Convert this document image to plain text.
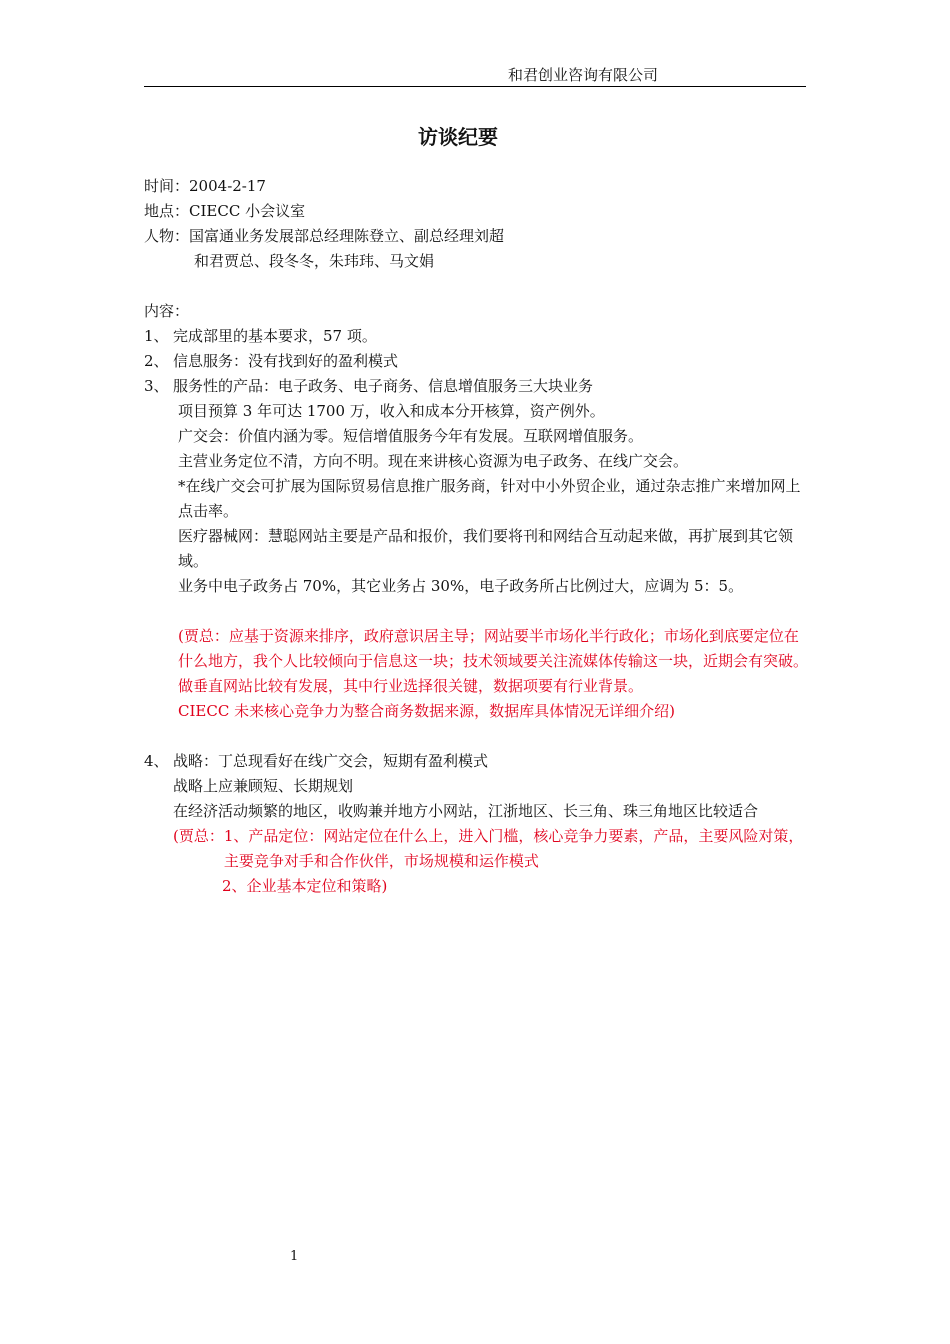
和君创业咨询有限公司
访谈纪要
时间：2004-2-17
地点：CIECC 小会议室
人物：国富通业务发展部总经理陈登立、副总经理刘超
和君贾总、段冬冬，朱玮玮、马文娟
内容：
1、 完成部里的基本要求，57 项。
2、 信息服务：没有找到好的盈利模式
3、 服务性的产品：电子政务、电子商务、信息增值服务三大块业务
项目预算 3 年可达 1700 万，收入和成本分开核算，资产例外。
广交会：价值内涵为零。短信增值服务今年有发展。互联网增值服务。
主营业务定位不清，方向不明。现在来讲核心资源为电子政务、在线广交会。
*在线广交会可扩展为国际贸易信息推广服务商，针对中小外贸企业，通过杂志推广来增加网上点击率。
医疗器械网：慧聪网站主要是产品和报价，我们要将刊和网结合互动起来做，再扩展到其它领域。
业务中电子政务占 70%，其它业务占 30%，电子政务所占比例过大，应调为 5：5。
(贾总：应基于资源来排序，政府意识居主导；网站要半市场化半行政化；市场化到底要定位在什么地方，我个人比较倾向于信息这一块；技术领域要关注流媒体传输这一块，近期会有突破。做垂直网站比较有发展，其中行业选择很关键，数据项要有行业背景。
CIECC 未来核心竞争力为整合商务数据来源，数据库具体情况无详细介绍)
4、 战略：丁总现看好在线广交会，短期有盈利模式
战略上应兼顾短、长期规划
在经济活动频繁的地区，收购兼并地方小网站，江浙地区、长三角、珠三角地区比较适合
(贾总： 1、产品定位：网站定位在什么上，进入门槛，核心竞争力要素，产品，主要风险对策，主要竞争对手和合作伙伴，市场规模和运作模式
2、企业基本定位和策略)
1
